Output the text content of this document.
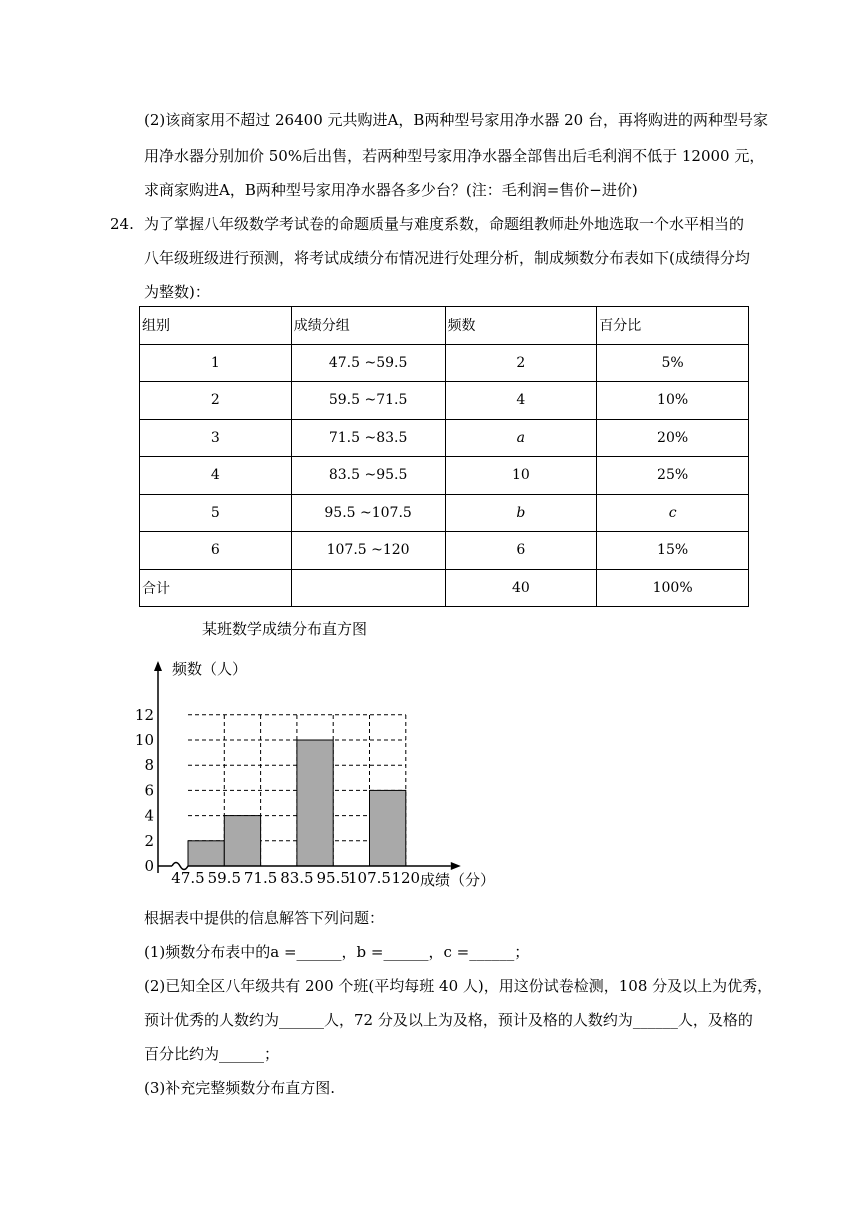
(2)该商家用不超过 26400 元共购进A，B两种型号家用净水器 20 台，再将购进的两种型号家
用净水器分别加价 50%后出售，若两种型号家用净水器全部售出后毛利润不低于 12000 元，
求商家购进A，B两种型号家用净水器各多少台？(注：毛利润=售价−进价)
24. 为了掌握八年级数学考试卷的命题质量与难度系数，命题组教师赴外地选取一个水平相当的
八年级班级进行预测，将考试成绩分布情况进行处理分析，制成频数分布表如下(成绩得分均
为整数)：
组别	成绩分组	频数	百分比
1	47.5 ~59.5	2	5%
2	59.5 ~71.5	4	10%
3	71.5 ~83.5	a	20%
4	83.5 ~95.5	10	25%
5	95.5 ~107.5	b	c
6	107.5 ~120	6	15%
合计		40	100%
某班数学成绩分布直方图
频数（人）
成绩（分）
0
2
4
6
8
10
12
47.5 59.5 71.5 83.5 95.5
107.5 120
根据表中提供的信息解答下列问题：
(1)频数分布表中的a =______，b =______，c =______；
(2)已知全区八年级共有 200 个班(平均每班 40 人)，用这份试卷检测，108 分及以上为优秀，
预计优秀的人数约为______人，72 分及以上为及格，预计及格的人数约为______人，及格的
百分比约为______；
(3)补充完整频数分布直方图.
